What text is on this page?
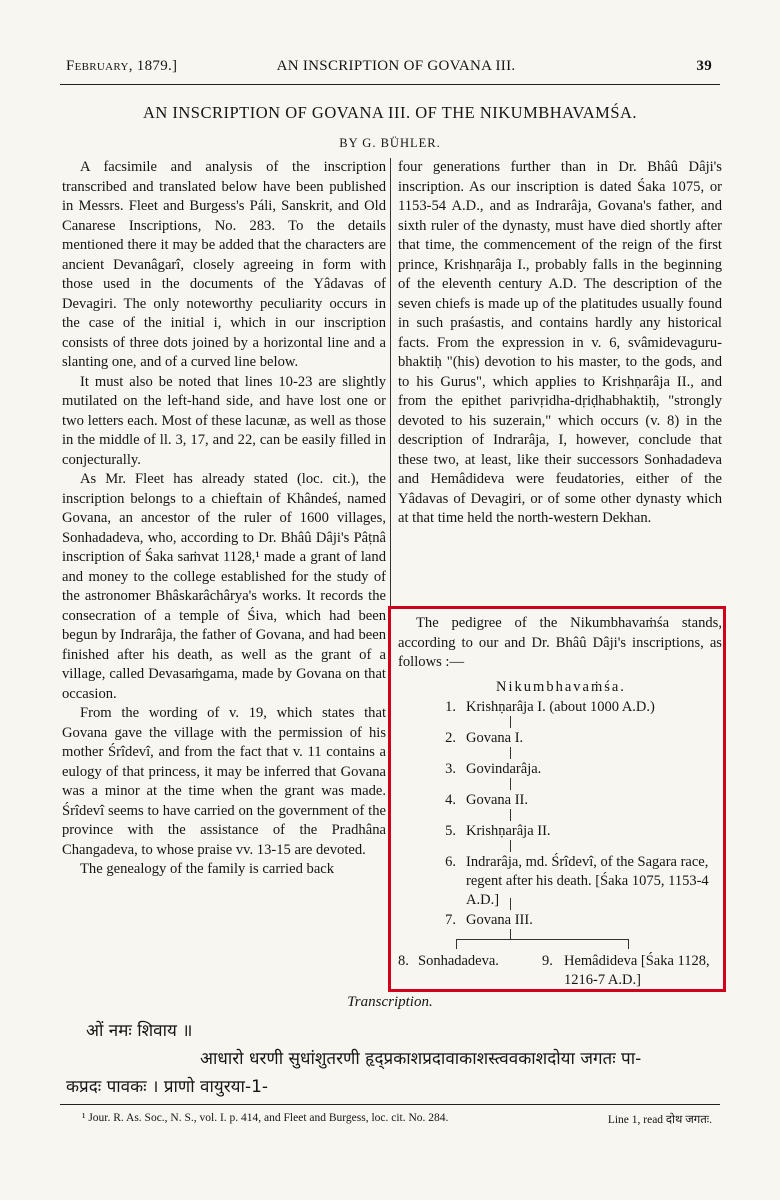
February, 1879.]	AN INSCRIPTION OF GOVANA III.	39
AN INSCRIPTION OF GOVANA III. OF THE NIKUMBHAVAMŚA.
BY G. BÜHLER.

A facsimile and analysis of the inscription transcribed and translated below have been published in Messrs. Fleet and Burgess's Páli, Sanskrit, and Old Canarese Inscriptions, No. 283. To the details mentioned there it may be added that the characters are ancient Devanâgarî, closely agreeing in form with those used in the documents of the Yâdavas of Devagiri. The only noteworthy peculiarity occurs in the case of the initial i, which in our inscription consists of three dots joined by a horizontal line and a slanting one, and of a curved line below.

It must also be noted that lines 10-23 are slightly mutilated on the left-hand side, and have lost one or two letters each. Most of these lacunæ, as well as those in the middle of ll. 3, 17, and 22, can be easily filled in conjecturally.

As Mr. Fleet has already stated (loc. cit.), the inscription belongs to a chieftain of Khândeś, named Govana, an ancestor of the ruler of 1600 villages, Sonhadadeva, who, according to Dr. Bhâû Dâji's Pâṭnâ inscription of Śaka saṁvat 1128,¹ made a grant of land and money to the college established for the study of the astronomer Bhâskarâchârya's works. It records the consecration of a temple of Śiva, which had been begun by Indrarâja, the father of Govana, and had been finished after his death, as well as the grant of a village, called Devasaṁgama, made by Govana on that occasion.

From the wording of v. 19, which states that Govana gave the village with the permission of his mother Śrîdevî, and from the fact that v. 11 contains a eulogy of that princess, it may be inferred that Govana was a minor at the time when the grant was made. Śrîdevî seems to have carried on the government of the province with the assistance of the Pradhâna Changadeva, to whose praise vv. 13-15 are devoted.

The genealogy of the family is carried back

four generations further than in Dr. Bhâû Dâji's inscription. As our inscription is dated Śaka 1075, or 1153-54 A.D., and as Indrarâja, Govana's father, and sixth ruler of the dynasty, must have died shortly after that time, the commencement of the reign of the first prince, Krishṇarâja I., probably falls in the beginning of the eleventh century A.D. The description of the seven chiefs is made up of the platitudes usually found in such praśastis, and contains hardly any historical facts. From the expression in v. 6, svâmidevaguru-bhaktiḥ "(his) devotion to his master, to the gods, and to his Gurus", which applies to Krishṇarâja II., and from the epithet parivṛidha-dṛiḍhabhaktiḥ, "strongly devoted to his suzerain," which occurs (v. 8) in the description of Indrarâja, I, however, conclude that these two, at least, like their successors Sonhadadeva and Hemâdideva were feudatories, either of the Yâdavas of Devagiri, or of some other dynasty which at that time held the north-western Dekhan.

The pedigree of the Nikumbhavaṁśa stands, according to our and Dr. Bhâû Dâji's inscriptions, as follows :—

Nikumbhavaṁśa.
1. Krishṇarâja I. (about 1000 A.D.)
2. Govana I.
3. Govindarâja.
4. Govana II.
5. Krishṇarâja II.
6. Indrarâja, md. Śrîdevî, of the Sagara race, regent after his death. [Śaka 1075, 1153-4 A.D.]
7. Govana III.
8. Sonhadadeva.	9. Hemâdideva [Śaka 1128, 1216-7 A.D.]
Transcription.
ओं नमः शिवाय ॥
आधारो धरणी सुधांशुतरणी हृद्प्रकाशप्रदावाकाशस्त्ववकाशदोया जगतः पा-
कप्रदः पावकः । प्राणो वायुरया-1-
¹ Jour. R. As. Soc., N. S., vol. I. p. 414, and Fleet and Burgess, loc. cit. No. 284.	Line 1, read दोथ जगतः.
